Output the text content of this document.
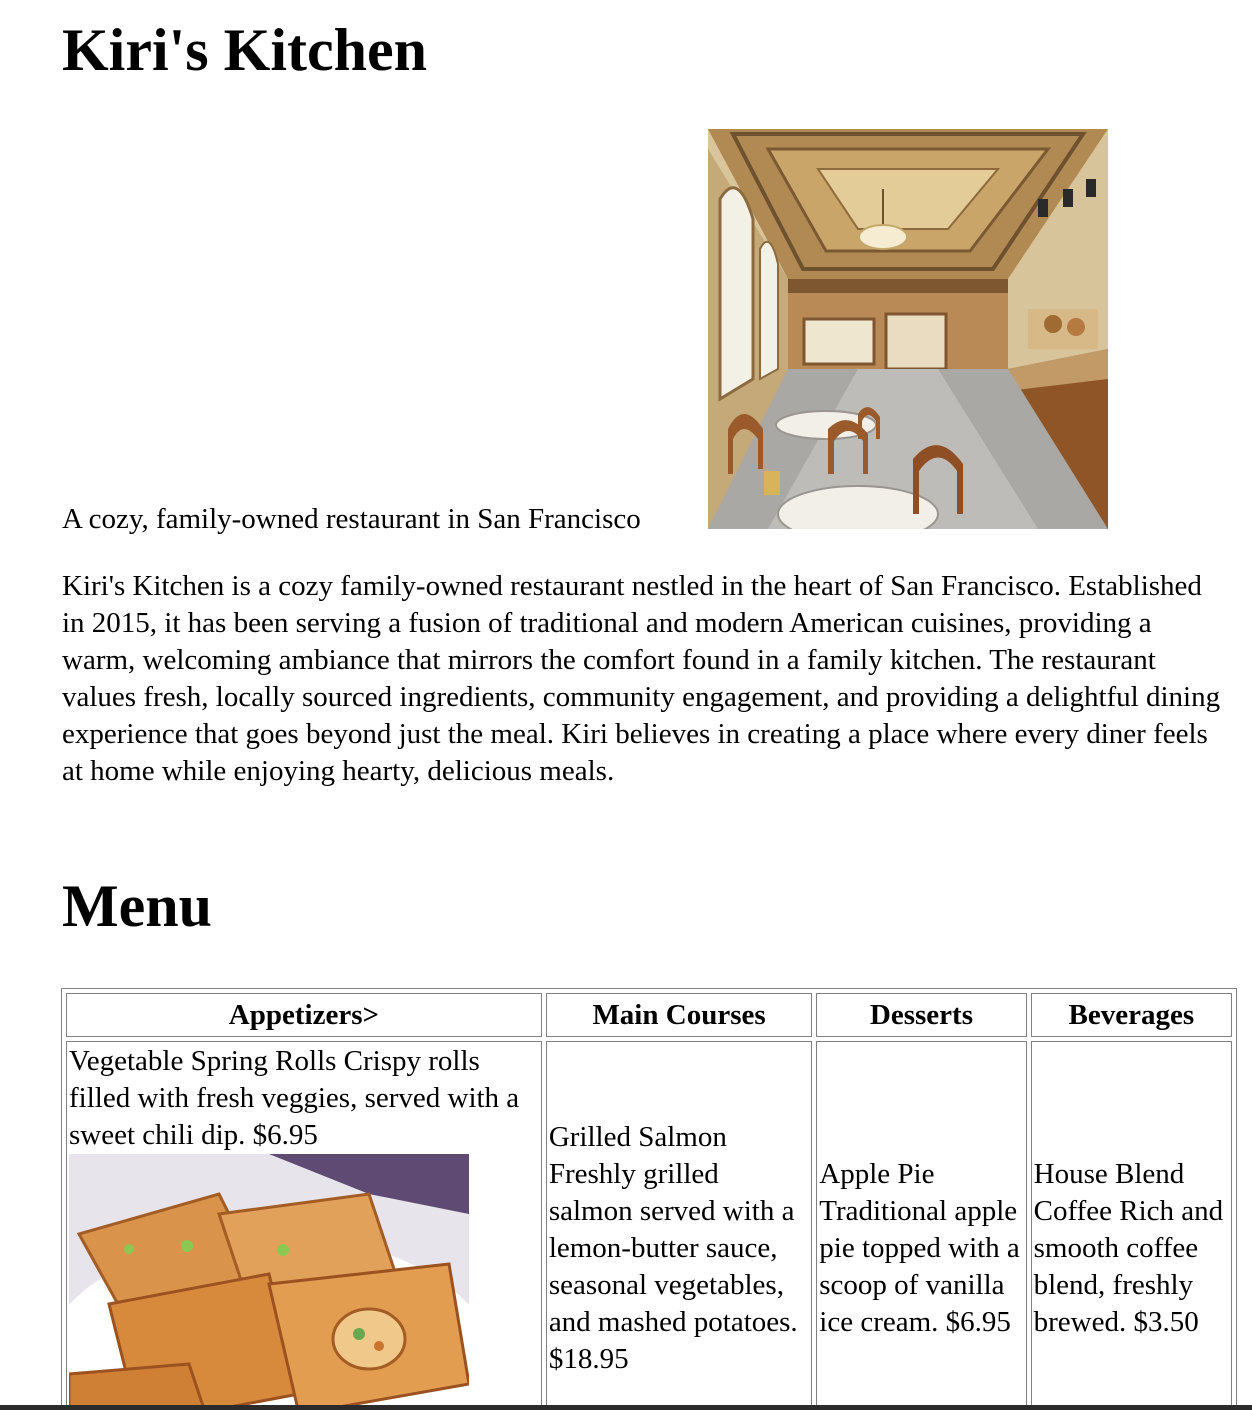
Kiri's Kitchen
A cozy, family-owned restaurant in San Francisco

Kiri's Kitchen is a cozy family-owned restaurant nestled in the heart of San Francisco. Established in 2015, it has been serving a fusion of traditional and modern American cuisines, providing a warm, welcoming ambiance that mirrors the comfort found in a family kitchen. The restaurant values fresh, locally sourced ingredients, community engagement, and providing a delightful dining experience that goes beyond just the meal. Kiri believes in creating a place where every diner feels at home while enjoying hearty, delicious meals.

Menu
Appetizers>	Main Courses	Desserts	Beverages

Vegetable Spring Rolls Crispy rolls filled with fresh veggies, served with a sweet chili dip. $6.95	Grilled Salmon Freshly grilled salmon served with a lemon-butter sauce, seasonal vegetables, and mashed potatoes. $18.95	Apple Pie Traditional apple pie topped with a scoop of vanilla ice cream. $6.95	House Blend Coffee Rich and smooth coffee blend, freshly brewed. $3.50
